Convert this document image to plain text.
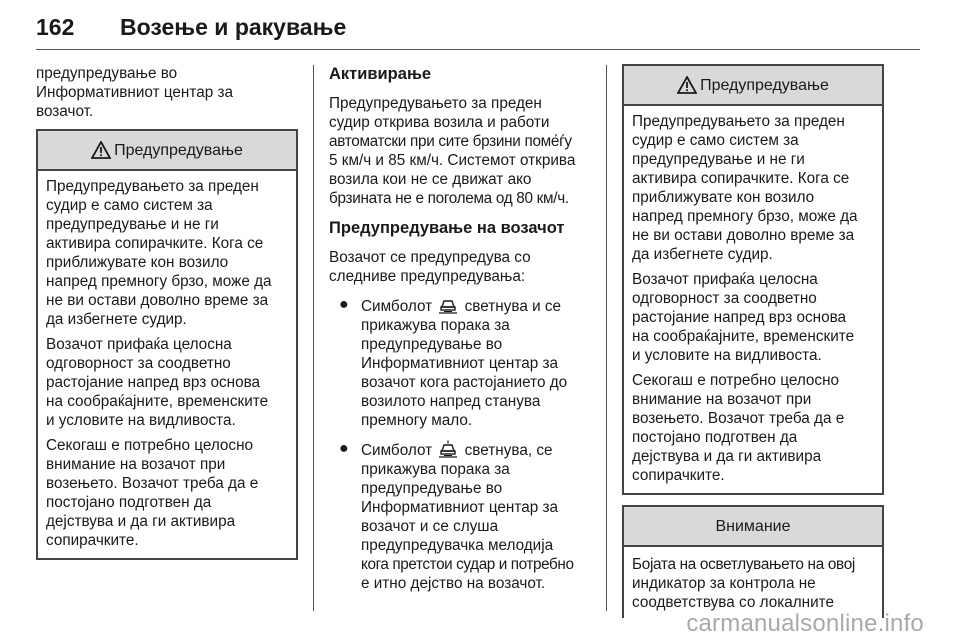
162 Возење и ракување

предупредување во
Информативниот центар за
возачот.

Предупредување

Предупредувањето за преден
судир е само систем за
предупредување и не ги
активира сопирачките. Кога се
приближувате кон возило
напред премногу брзо, може да
не ви остави доволно време за
да избегнете судир.

Возачот прифаќа целосна
одговорност за соодветно
растојание напред врз основа
на сообраќајните, временските
и условите на видливоста.

Секогаш е потребно целосно
внимание на возачот при
возењето. Возачот треба да е
постојано подготвен да
дејствува и да ги активира
сопирачките.

Активирање

Предупредувањето за преден
судир открива возила и работи
автоматски при сите брзини поме́ѓу
5 км/ч и 85 км/ч. Системот открива
возила кои не се движат ако
брзината не е поголема од 80 км/ч.

Предупредување на возачот

Возачот се предупредува со
следниве предупредувања:

● Симболот светнува и се
прикажува порака за
предупредување во
Информативниот центар за
возачот кога растојанието до
возилото напред станува
премногу мало.
● Симболот светнува, се
прикажува порака за
предупредување во
Информативниот центар за
возачот и се слуша
предупредувачка мелодија
кога претстои судар и потребно
е итно дејство на возачот.
Предупредување

Предупредувањето за преден
судир е само систем за
предупредување и не ги
активира сопирачките. Кога се
приближувате кон возило
напред премногу брзо, може да
не ви остави доволно време за
да избегнете судир.

Возачот прифаќа целосна
одговорност за соодветно
растојание напред врз основа
на сообраќајните, временските
и условите на видливоста.

Секогаш е потребно целосно
внимание на возачот при
возењето. Возачот треба да е
постојано подготвен да
дејствува и да ги активира
сопирачките.

Внимание
Бојата на осветлувањето на овој
индикатор за контрола не
соодветствува со локалните
carmanualsonline.info
